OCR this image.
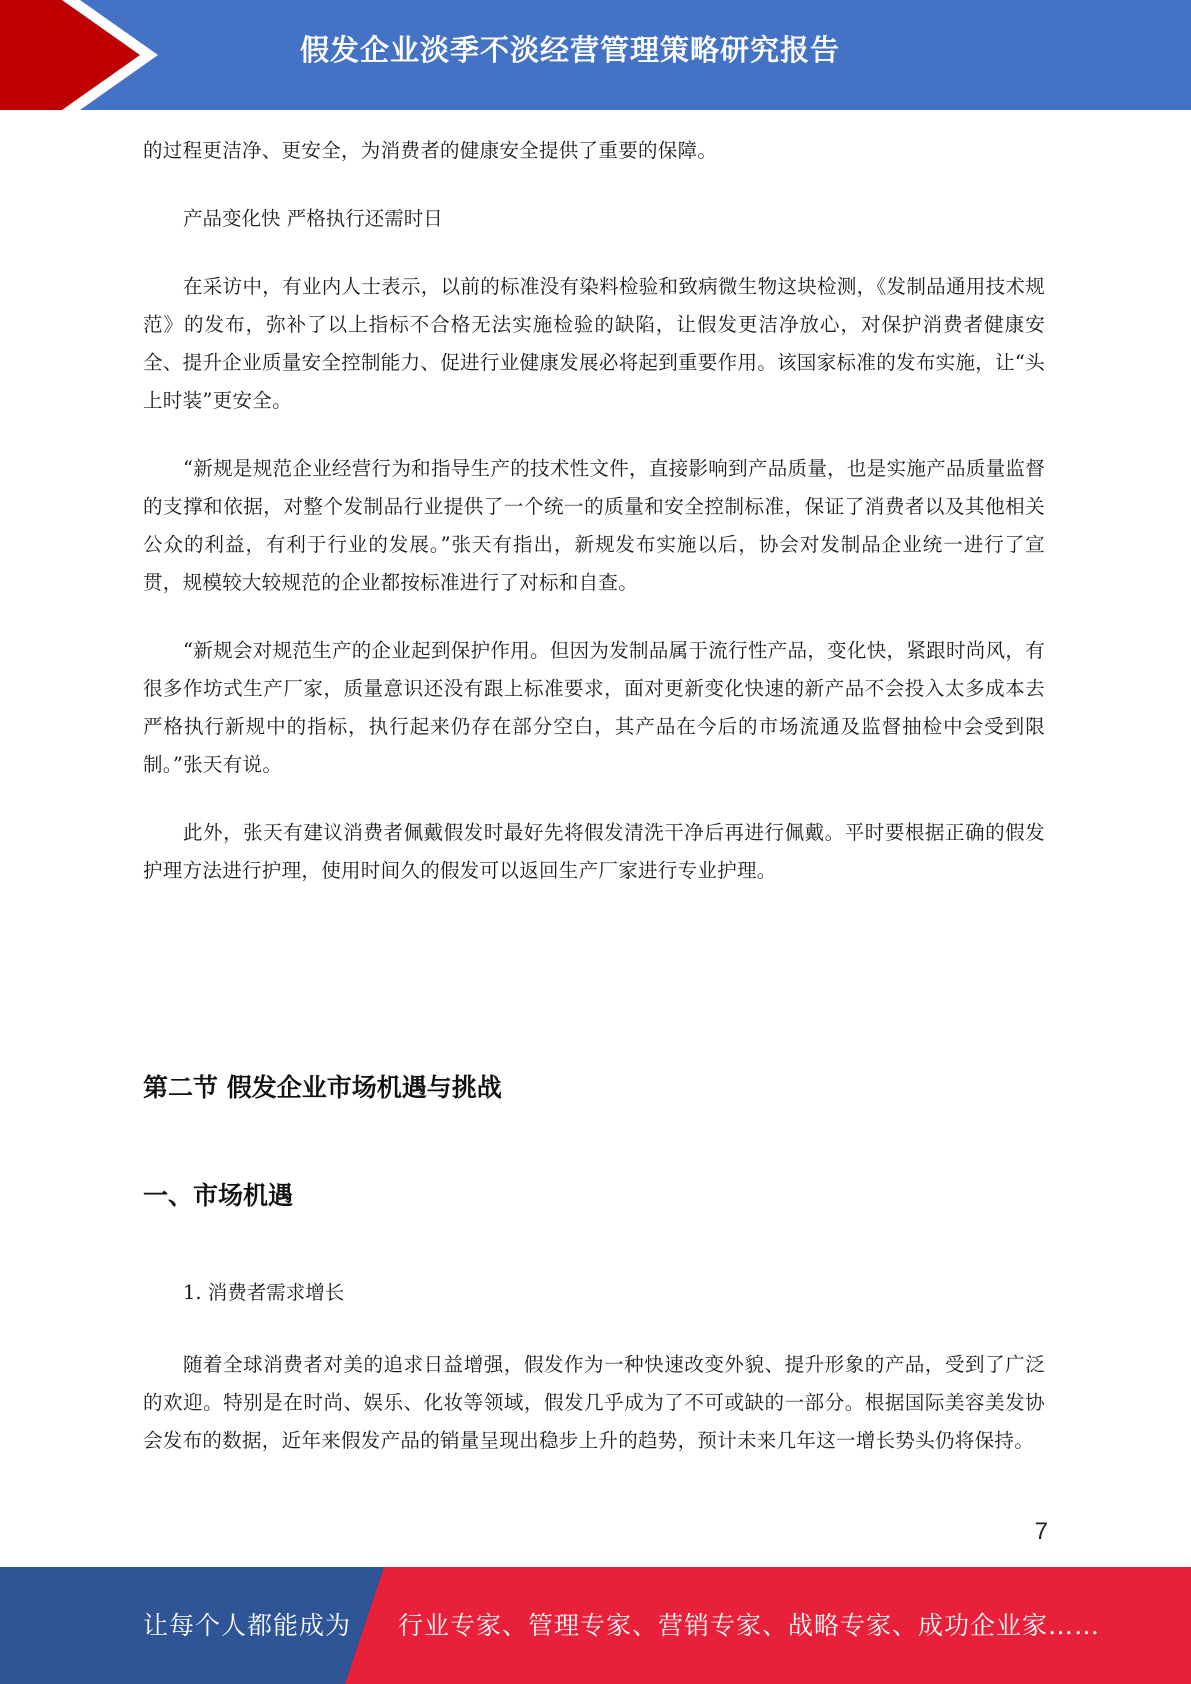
假发企业淡季不淡经营管理策略研究报告

的过程更洁净、更安全，为消费者的健康安全提供了重要的保障。

产品变化快 严格执行还需时日

在采访中，有业内人士表示，以前的标准没有染料检验和致病微生物这块检测，《发制品通用技术规范》的发布，弥补了以上指标不合格无法实施检验的缺陷，让假发更洁净放心，对保护消费者健康安全、提升企业质量安全控制能力、促进行业健康发展必将起到重要作用。该国家标准的发布实施，让“头上时装”更安全。

“新规是规范企业经营行为和指导生产的技术性文件，直接影响到产品质量，也是实施产品质量监督的支撑和依据，对整个发制品行业提供了一个统一的质量和安全控制标准，保证了消费者以及其他相关公众的利益，有利于行业的发展。”张天有指出，新规发布实施以后，协会对发制品企业统一进行了宣贯，规模较大较规范的企业都按标准进行了对标和自查。

“新规会对规范生产的企业起到保护作用。但因为发制品属于流行性产品，变化快，紧跟时尚风，有很多作坊式生产厂家，质量意识还没有跟上标准要求，面对更新变化快速的新产品不会投入太多成本去严格执行新规中的指标，执行起来仍存在部分空白，其产品在今后的市场流通及监督抽检中会受到限制。”张天有说。

此外，张天有建议消费者佩戴假发时最好先将假发清洗干净后再进行佩戴。平时要根据正确的假发护理方法进行护理，使用时间久的假发可以返回生产厂家进行专业护理。

第二节 假发企业市场机遇与挑战
一、市场机遇

1. 消费者需求增长

随着全球消费者对美的追求日益增强，假发作为一种快速改变外貌、提升形象的产品，受到了广泛的欢迎。特别是在时尚、娱乐、化妆等领域，假发几乎成为了不可或缺的一部分。根据国际美容美发协会发布的数据，近年来假发产品的销量呈现出稳步上升的趋势，预计未来几年这一增长势头仍将保持。

7
让每个人都能成为 行业专家、管理专家、营销专家、战略专家、成功企业家……
